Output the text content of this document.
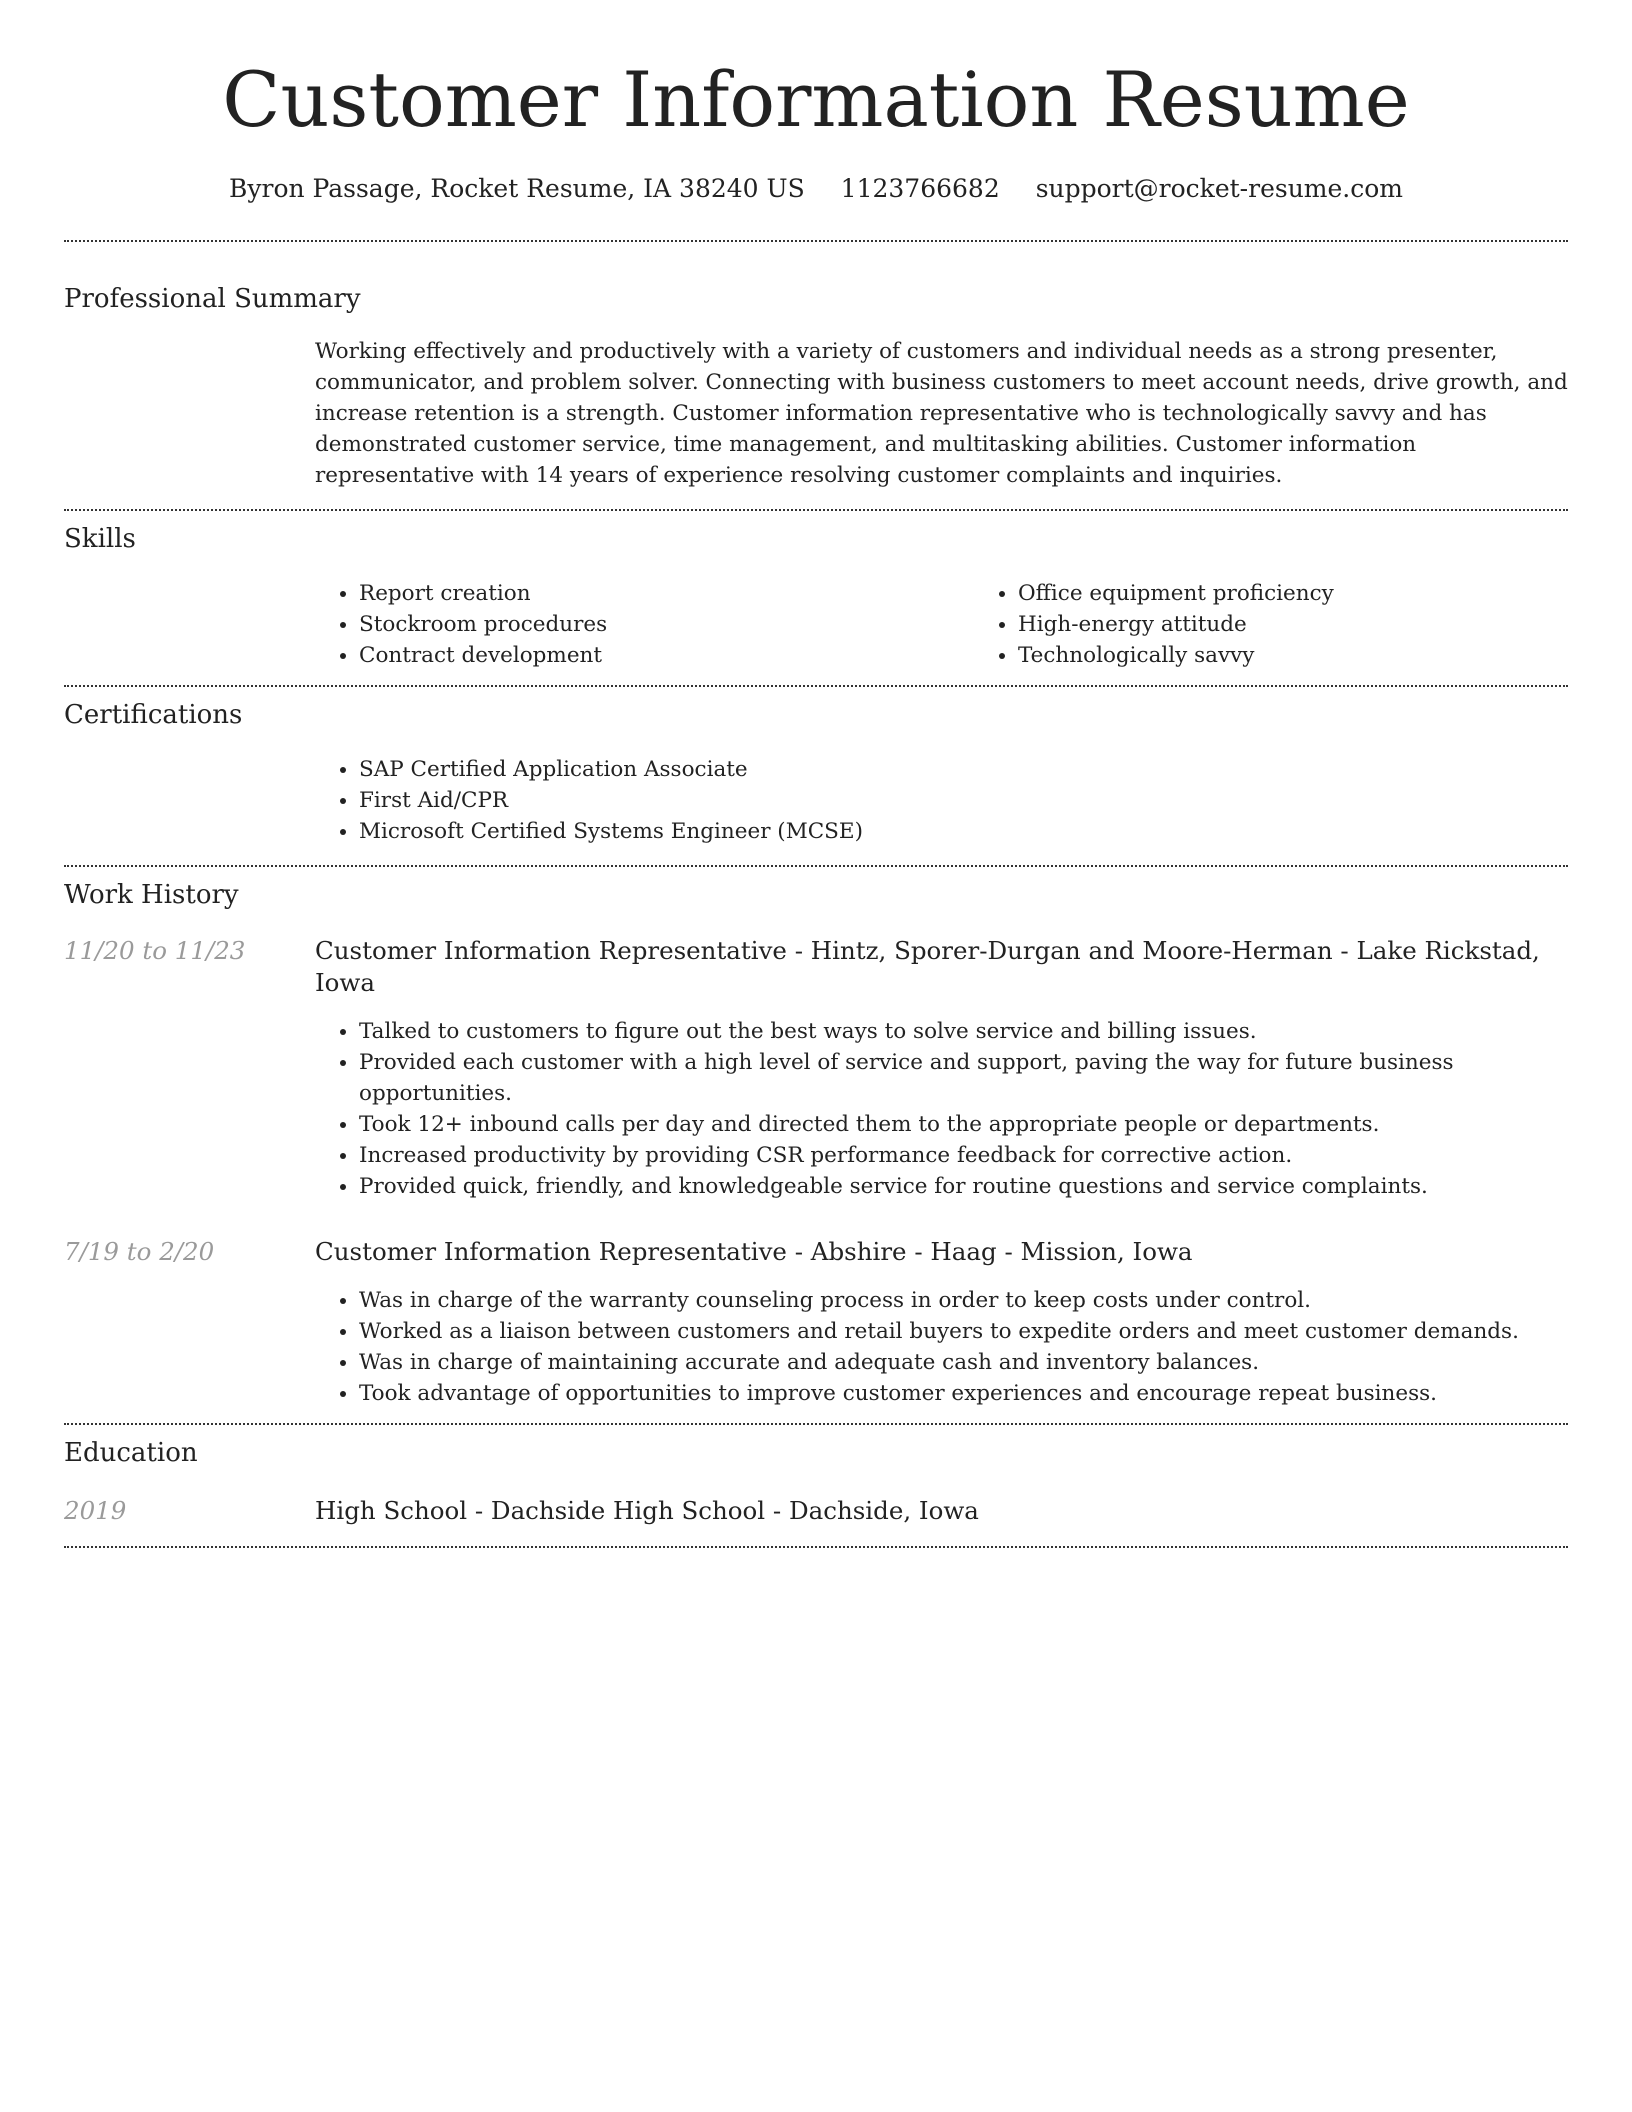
Customer Information Resume
Byron Passage, Rocket Resume, IA 38240 US 1123766682 support@rocket-resume.com
Professional Summary

Working effectively and productively with a variety of customers and individual needs as a strong presenter, communicator, and problem solver. Connecting with business customers to meet account needs, drive growth, and increase retention is a strength. Customer information representative who is technologically savvy and has demonstrated customer service, time management, and multitasking abilities. Customer information representative with 14 years of experience resolving customer complaints and inquiries.

Skills
• Report creation
• Stockroom procedures
• Contract development
• Office equipment proficiency
• High-energy attitude
• Technologically savvy
Certifications
• SAP Certified Application Associate
• First Aid/CPR
• Microsoft Certified Systems Engineer (MCSE)
Work History
11/20 to 11/23	Customer Information Representative - Hintz, Sporer-Durgan and Moore-Herman - Lake Rickstad, Iowa
• Talked to customers to figure out the best ways to solve service and billing issues.
• Provided each customer with a high level of service and support, paving the way for future business opportunities.
• Took 12+ inbound calls per day and directed them to the appropriate people or departments.
• Increased productivity by providing CSR performance feedback for corrective action.
• Provided quick, friendly, and knowledgeable service for routine questions and service complaints.
7/19 to 2/20	Customer Information Representative - Abshire - Haag - Mission, Iowa
• Was in charge of the warranty counseling process in order to keep costs under control.
• Worked as a liaison between customers and retail buyers to expedite orders and meet customer demands.
• Was in charge of maintaining accurate and adequate cash and inventory balances.
• Took advantage of opportunities to improve customer experiences and encourage repeat business.
Education
2019	High School - Dachside High School - Dachside, Iowa
